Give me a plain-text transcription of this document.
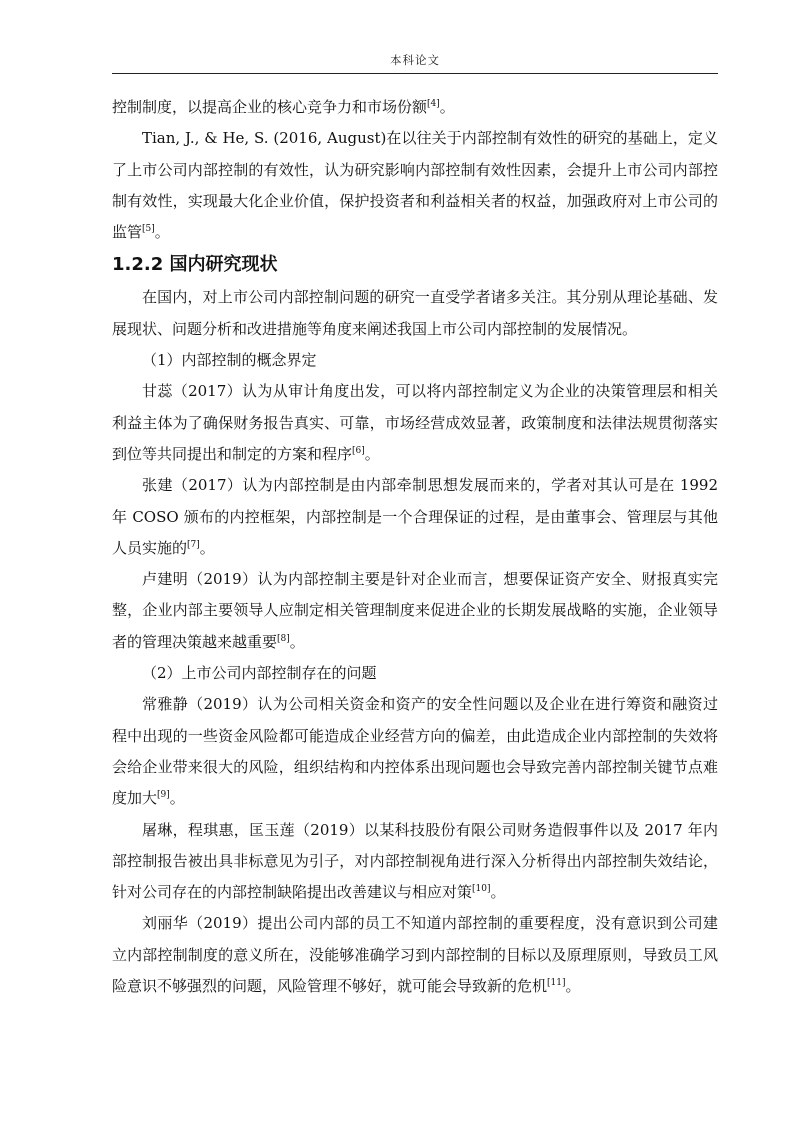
本科论文

控制制度，以提高企业的核心竞争力和市场份额[4]。

Tian, J., & He, S. (2016, August)在以往关于内部控制有效性的研究的基础上，定义了上市公司内部控制的有效性，认为研究影响内部控制有效性因素，会提升上市公司内部控制有效性，实现最大化企业价值，保护投资者和利益相关者的权益，加强政府对上市公司的监管[5]。

1.2.2 国内研究现状

在国内，对上市公司内部控制问题的研究一直受学者诸多关注。其分别从理论基础、发展现状、问题分析和改进措施等角度来阐述我国上市公司内部控制的发展情况。

（1）内部控制的概念界定

甘蕊（2017）认为从审计角度出发，可以将内部控制定义为企业的决策管理层和相关利益主体为了确保财务报告真实、可靠，市场经营成效显著，政策制度和法律法规贯彻落实到位等共同提出和制定的方案和程序[6]。

张建（2017）认为内部控制是由内部牵制思想发展而来的，学者对其认可是在 1992 年 COSO 颁布的内控框架，内部控制是一个合理保证的过程，是由董事会、管理层与其他人员实施的[7]。

卢建明（2019）认为内部控制主要是针对企业而言，想要保证资产安全、财报真实完整，企业内部主要领导人应制定相关管理制度来促进企业的长期发展战略的实施，企业领导者的管理决策越来越重要[8]。

（2）上市公司内部控制存在的问题

常雅静（2019）认为公司相关资金和资产的安全性问题以及企业在进行筹资和融资过程中出现的一些资金风险都可能造成企业经营方向的偏差，由此造成企业内部控制的失效将会给企业带来很大的风险，组织结构和内控体系出现问题也会导致完善内部控制关键节点难度加大[9]。

屠琳，程琪惠，匡玉莲（2019）以某科技股份有限公司财务造假事件以及 2017 年内部控制报告被出具非标意见为引子，对内部控制视角进行深入分析得出内部控制失效结论，针对公司存在的内部控制缺陷提出改善建议与相应对策[10]。

刘丽华（2019）提出公司内部的员工不知道内部控制的重要程度，没有意识到公司建立内部控制制度的意义所在，没能够准确学习到内部控制的目标以及原理原则，导致员工风险意识不够强烈的问题，风险管理不够好，就可能会导致新的危机[11]。
